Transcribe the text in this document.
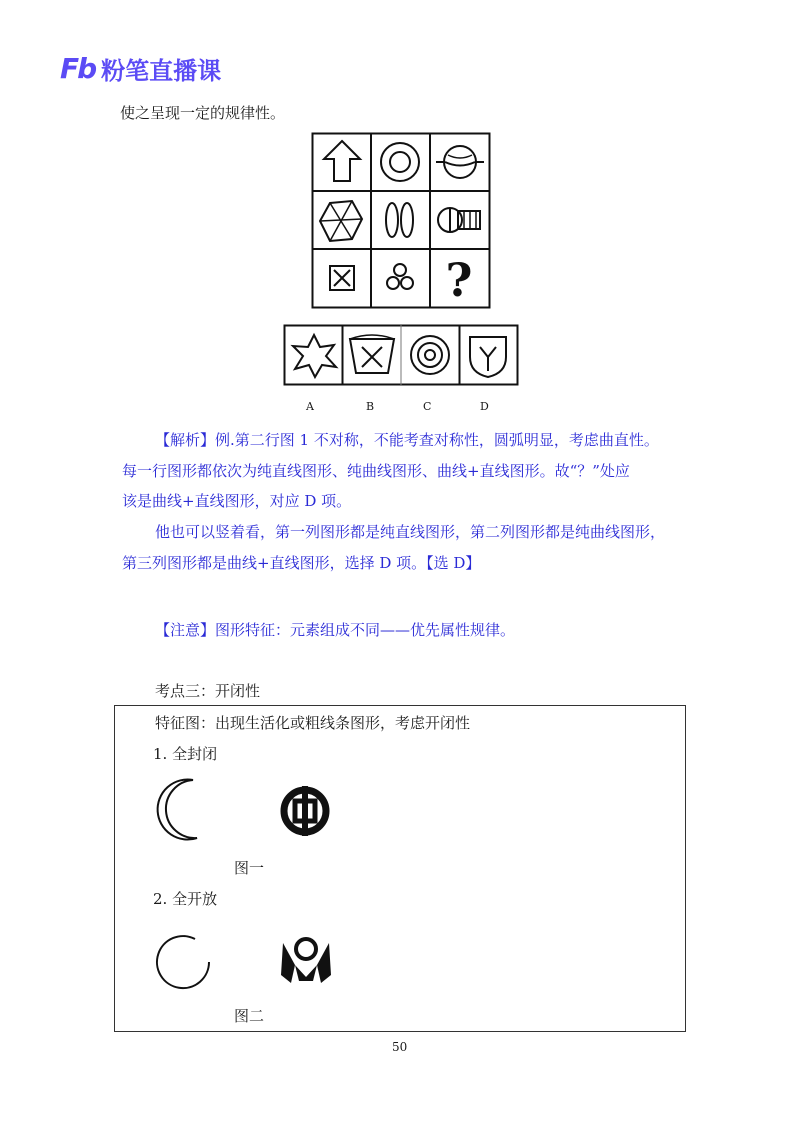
Fb 粉笔直播课
使之呈现一定的规律性。
?
A	B	C	D
【解析】例.第二行图 1 不对称，不能考查对称性，圆弧明显，考虑曲直性。
每一行图形都依次为纯直线图形、纯曲线图形、曲线+直线图形。故“？”处应
该是曲线+直线图形，对应 D 项。
他也可以竖着看，第一列图形都是纯直线图形，第二列图形都是纯曲线图形，
第三列图形都是曲线+直线图形，选择 D 项。【选 D】
【注意】图形特征：元素组成不同——优先属性规律。
考点三：开闭性
特征图：出现生活化或粗线条图形，考虑开闭性
1. 全封闭
图一
2. 全开放
图二
50
